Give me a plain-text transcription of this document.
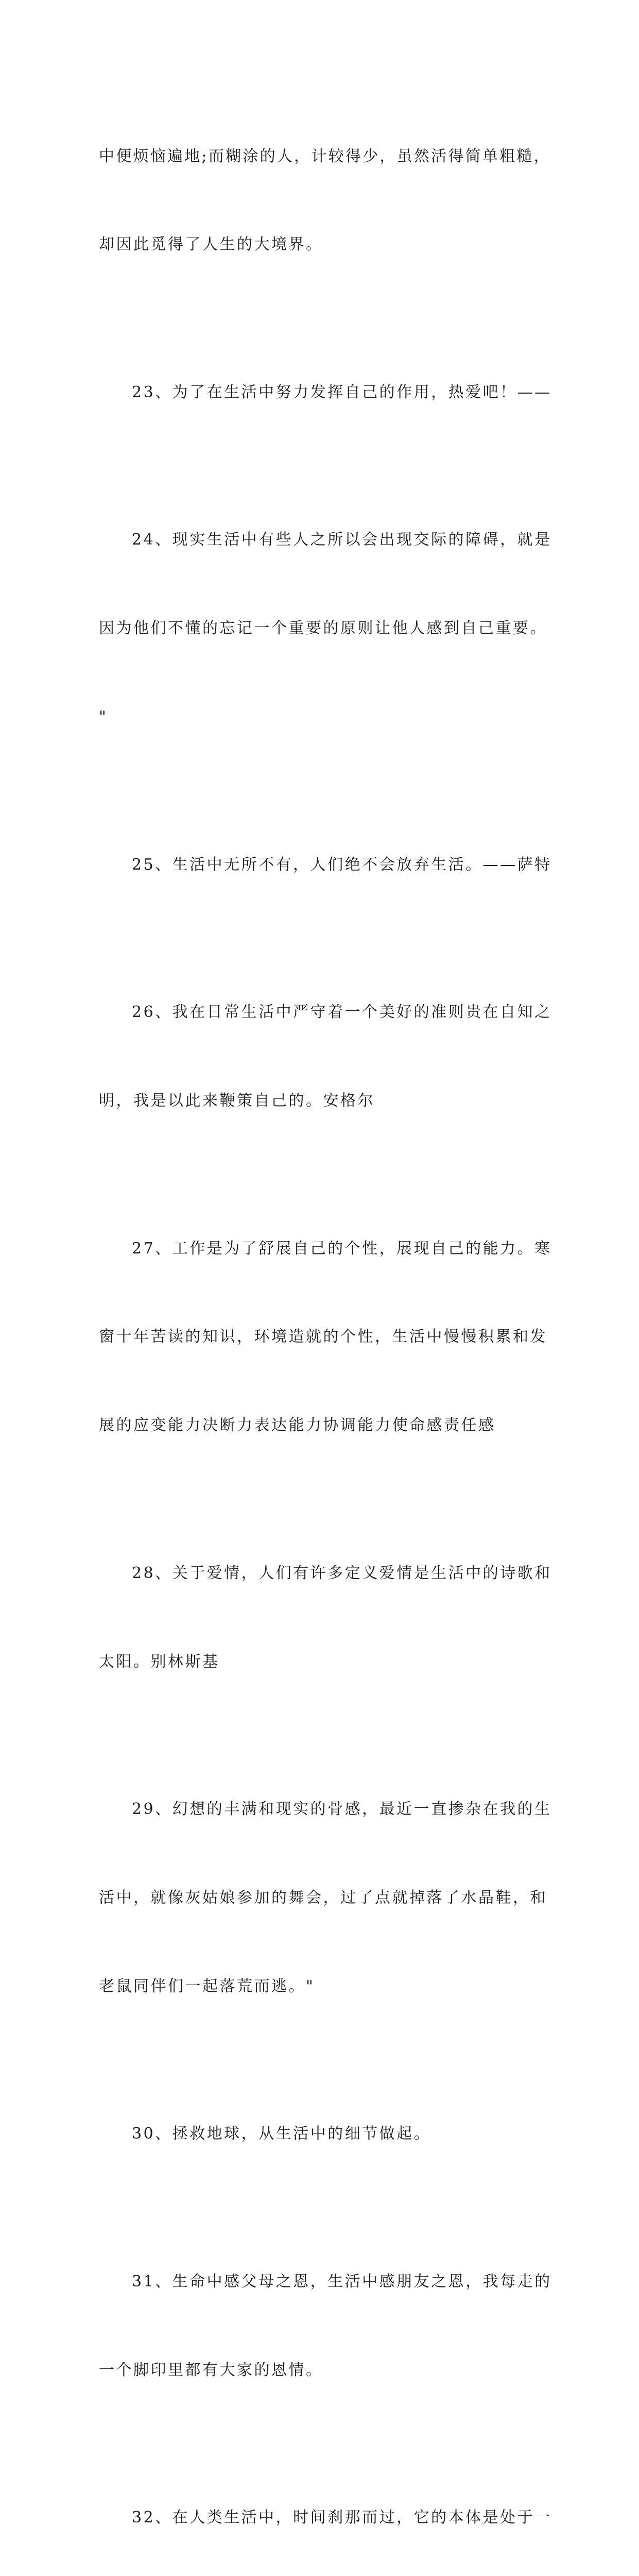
中便烦恼遍地;而糊涂的人，计较得少，虽然活得简单粗糙，

却因此觅得了人生的大境界。

23、为了在生活中努力发挥自己的作用，热爱吧！——

24、现实生活中有些人之所以会出现交际的障碍，就是

因为他们不懂的忘记一个重要的原则让他人感到自己重要。

"

25、生活中无所不有，人们绝不会放弃生活。——萨特

26、我在日常生活中严守着一个美好的准则贵在自知之

明，我是以此来鞭策自己的。安格尔

27、工作是为了舒展自己的个性，展现自己的能力。寒

窗十年苦读的知识，环境造就的个性，生活中慢慢积累和发

展的应变能力决断力表达能力协调能力使命感责任感

28、关于爱情，人们有许多定义爱情是生活中的诗歌和

太阳。别林斯基

29、幻想的丰满和现实的骨感，最近一直掺杂在我的生

活中，就像灰姑娘参加的舞会，过了点就掉落了水晶鞋，和

老鼠同伴们一起落荒而逃。"

30、拯救地球，从生活中的细节做起。

31、生命中感父母之恩，生活中感朋友之恩，我每走的

一个脚印里都有大家的恩情。

32、在人类生活中，时间刹那而过，它的本体是处于一
